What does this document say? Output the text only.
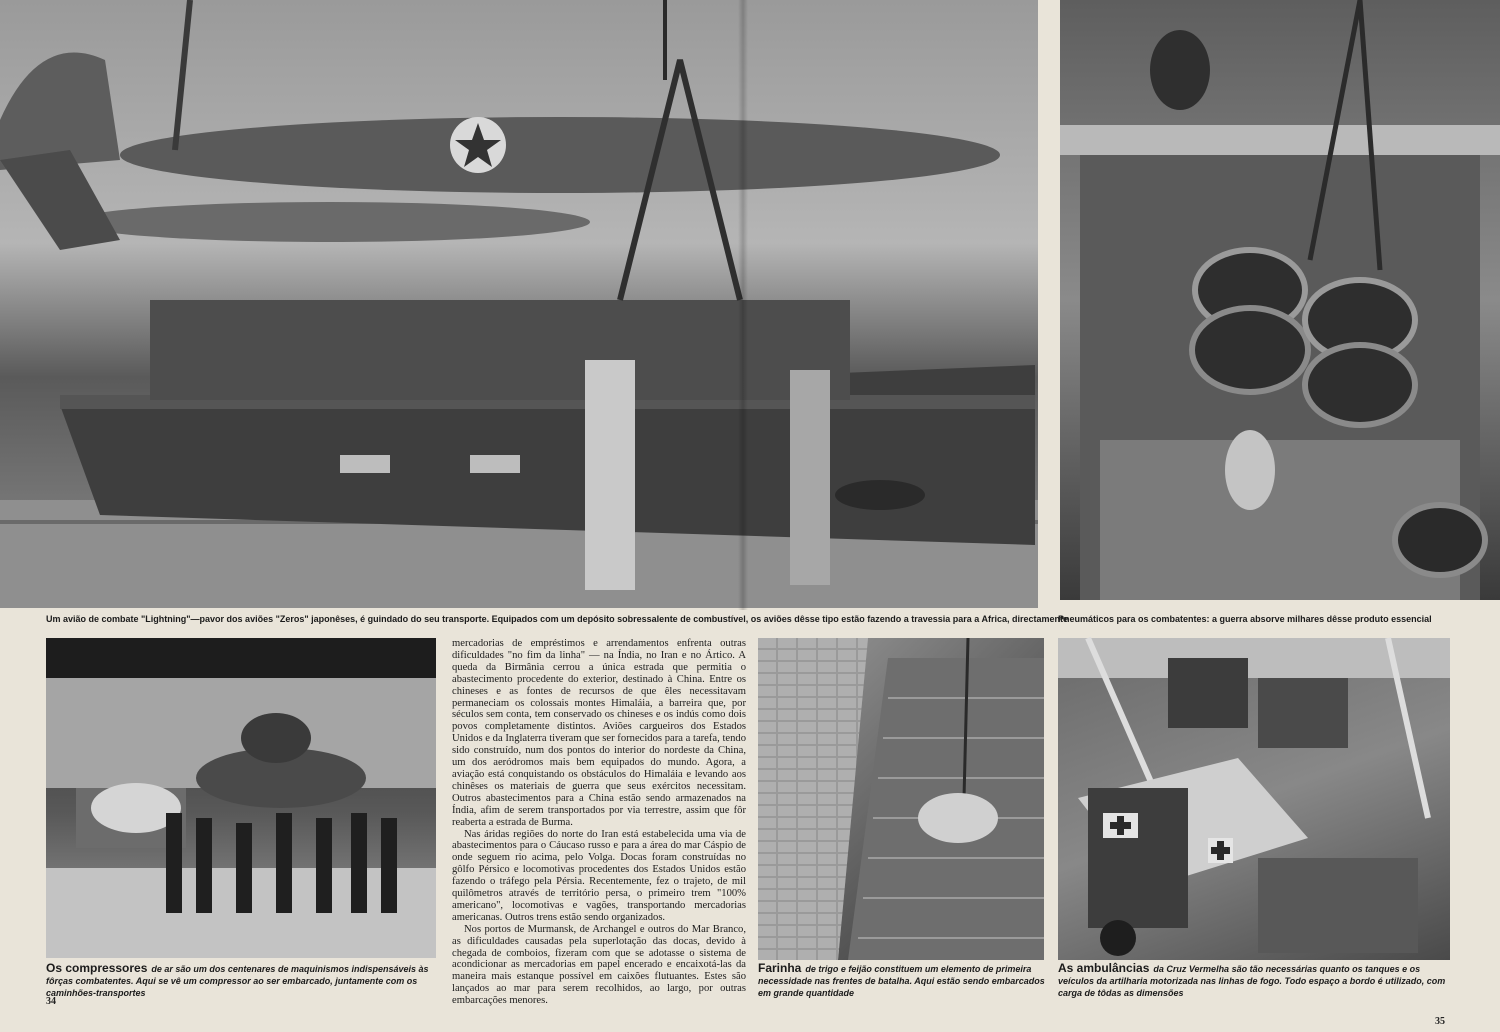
Um avião de combate "Lightning"—pavor dos aviões "Zeros" japonêses, é guindado do seu transporte. Equipados com um depósito sobressalente de combustível, os aviões dêsse tipo estão fazendo a travessia para a Africa, directamente
Pneumáticos para os combatentes: a guerra absorve milhares dêsse produto essencial

mercadorias de empréstimos e arrendamentos enfrenta outras dificuldades "no fim da linha" — na Índia, no Iran e no Ártico. A queda da Birmânia cerrou a única estrada que permitia o abastecimento procedente do exterior, destinado à China. Entre os chineses e as fontes de recursos de que êles necessitavam permaneciam os colossais montes Himaláia, a barreira que, por séculos sem conta, tem conservado os chineses e os indús como dois povos completamente distintos. Aviões cargueiros dos Estados Unidos e da Inglaterra tiveram que ser fornecidos para a tarefa, tendo sido construído, num dos pontos do interior do nordeste da China, um dos aeródromos mais bem equipados do mundo. Agora, a aviação está conquistando os obstáculos do Himaláia e levando aos chinêses os materiais de guerra que seus exércitos necessitam. Outros abastecimentos para a China estão sendo armazenados na Índia, afim de serem transportados por via terrestre, assim que fôr reaberta a estrada de Burma.

Nas áridas regiões do norte do Iran está estabelecida uma via de abastecimentos para o Cáucaso russo e para a área do mar Cáspio de onde seguem rio acima, pelo Volga. Docas foram construídas no gôlfo Pérsico e locomotivas procedentes dos Estados Unidos estão fazendo o tráfego pela Pérsia. Recentemente, fez o trajeto, de mil quilômetros através de território persa, o primeiro trem "100% americano", locomotivas e vagões, transportando mercadorias americanas. Outros trens estão sendo organizados.

Nos portos de Murmansk, de Archangel e outros do Mar Branco, as dificuldades causadas pela superlotação das docas, devido à chegada de comboios, fizeram com que se adotasse o sistema de acondicionar as mercadorias em papel encerado e encaixotá-las da maneira mais estanque possível em caixões flutuantes. Estes são lançados ao mar para serem recolhidos, ao largo, por outras embarcações menores.

Os compressores de ar são um dos centenares de maquinismos indispensáveis às fôrças combatentes. Aqui se vê um compressor ao ser embarcado, juntamente com os caminhões-transportes
Farinha de trigo e feijão constituem um elemento de primeira necessidade nas frentes de batalha. Aqui estão sendo embarcados em grande quantidade
As ambulâncias da Cruz Vermelha são tão necessárias quanto os tanques e os veículos da artilharia motorizada nas linhas de fogo. Todo espaço a bordo é utilizado, com carga de tôdas as dimensões
34
35
